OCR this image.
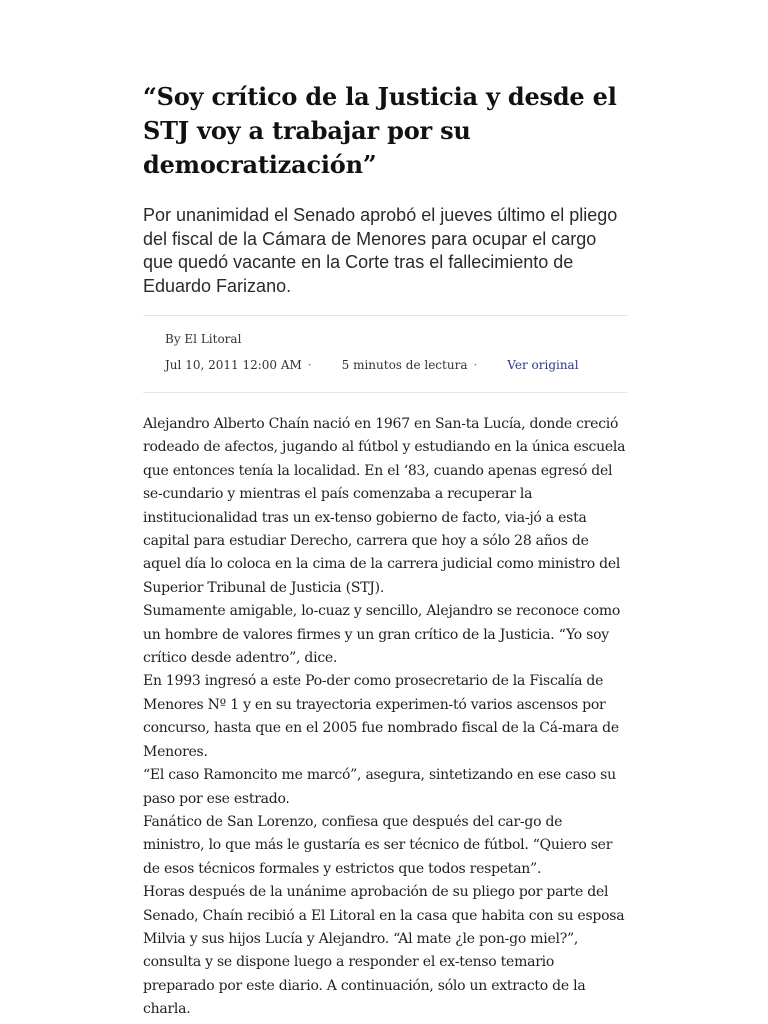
“Soy crítico de la Justicia y desde el STJ voy a trabajar por su democratización”

Por unanimidad el Senado aprobó el jueves último el pliego del fiscal de la Cámara de Menores para ocupar el cargo que quedó vacante en la Corte tras el fallecimiento de Eduardo Farizano.

By El Litoral
Jul 10, 2011 12:00 AM ·	5 minutos de lectura ·	Ver original

Alejandro Alberto Chaín nació en 1967 en San-ta Lucía, donde creció rodeado de afectos, jugando al fútbol y estudiando en la única escuela que entonces tenía la localidad. En el ‘83, cuando apenas egresó del se-cundario y mientras el país comenzaba a recuperar la institucionalidad tras un ex-tenso gobierno de facto, via-jó a esta capital para estudiar Derecho, carrera que hoy a sólo 28 años de aquel día lo coloca en la cima de la carrera judicial como ministro del Superior Tribunal de Justicia (STJ).

Sumamente amigable, lo-cuaz y sencillo, Alejandro se reconoce como un hombre de valores firmes y un gran crítico de la Justicia. “Yo soy crítico desde adentro”, dice.

En 1993 ingresó a este Po-der como prosecretario de la Fiscalía de Menores Nº 1 y en su trayectoria experimen-tó varios ascensos por concurso, hasta que en el 2005 fue nombrado fiscal de la Cá-mara de Menores.

“El caso Ramoncito me marcó”, asegura, sintetizando en ese caso su paso por ese estrado.

Fanático de San Lorenzo, confiesa que después del car-go de ministro, lo que más le gustaría es ser técnico de fútbol. “Quiero ser de esos técnicos formales y estrictos que todos respetan”.

Horas después de la unánime aprobación de su pliego por parte del Senado, Chaín recibió a El Litoral en la casa que habita con su esposa Milvia y sus hijos Lucía y Alejandro. “Al mate ¿le pon-go miel?”, consulta y se dispone luego a responder el ex-tenso temario preparado por este diario. A continuación, sólo un extracto de la charla.
